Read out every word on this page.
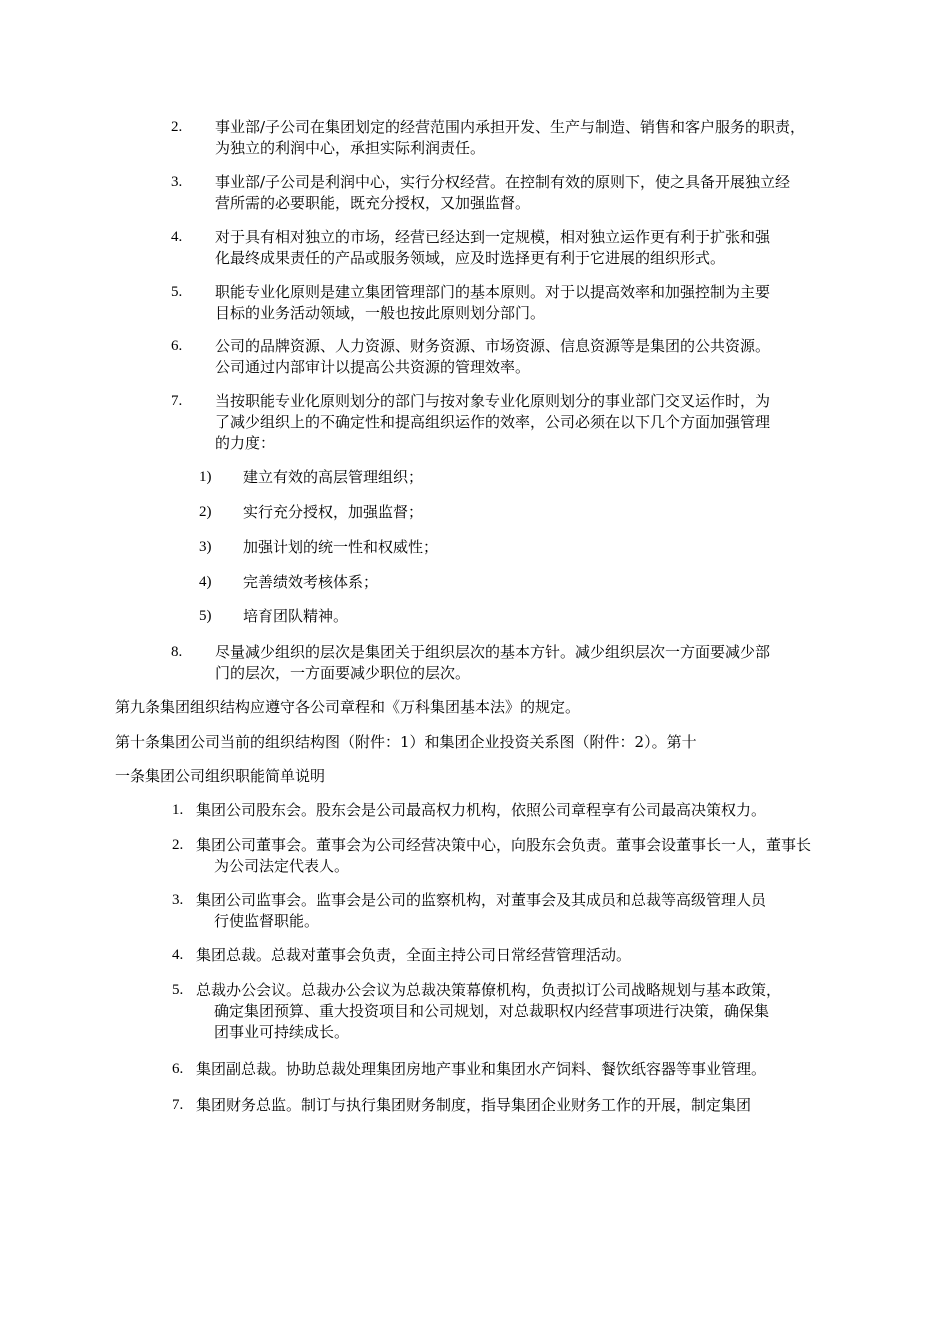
2. 事业部/子公司在集团划定的经营范围内承担开发、生产与制造、销售和客户服务的职责，
为独立的利润中心，承担实际利润责任。
3. 事业部/子公司是利润中心，实行分权经营。在控制有效的原则下，使之具备开展独立经
营所需的必要职能，既充分授权，又加强监督。
4. 对于具有相对独立的市场，经营已经达到一定规模，相对独立运作更有利于扩张和强
化最终成果责任的产品或服务领域，应及时选择更有利于它进展的组织形式。
5. 职能专业化原则是建立集团管理部门的基本原则。对于以提高效率和加强控制为主要
目标的业务活动领域，一般也按此原则划分部门。
6. 公司的品牌资源、人力资源、财务资源、市场资源、信息资源等是集团的公共资源。
公司通过内部审计以提高公共资源的管理效率。
7. 当按职能专业化原则划分的部门与按对象专业化原则划分的事业部门交叉运作时，为
了减少组织上的不确定性和提高组织运作的效率，公司必须在以下几个方面加强管理
的力度：
1) 建立有效的高层管理组织；
2) 实行充分授权，加强监督；
3) 加强计划的统一性和权威性；
4) 完善绩效考核体系；
5) 培育团队精神。
8. 尽量减少组织的层次是集团关于组织层次的基本方针。减少组织层次一方面要减少部
门的层次，一方面要减少职位的层次。
第九条集团组织结构应遵守各公司章程和《万科集团基本法》的规定。
第十条集团公司当前的组织结构图（附件：1）和集团企业投资关系图（附件：2）。第十
一条集团公司组织职能简单说明
1. 集团公司股东会。股东会是公司最高权力机构，依照公司章程享有公司最高决策权力。
2. 集团公司董事会。董事会为公司经营决策中心，向股东会负责。董事会设董事长一人，董事长
为公司法定代表人。
3. 集团公司监事会。监事会是公司的监察机构，对董事会及其成员和总裁等高级管理人员
行使监督职能。
4. 集团总裁。总裁对董事会负责，全面主持公司日常经营管理活动。
5. 总裁办公会议。总裁办公会议为总裁决策幕僚机构，负责拟订公司战略规划与基本政策，
确定集团预算、重大投资项目和公司规划，对总裁职权内经营事项进行决策，确保集
团事业可持续成长。
6. 集团副总裁。协助总裁处理集团房地产事业和集团水产饲料、餐饮纸容器等事业管理。
7. 集团财务总监。制订与执行集团财务制度，指导集团企业财务工作的开展，制定集团
